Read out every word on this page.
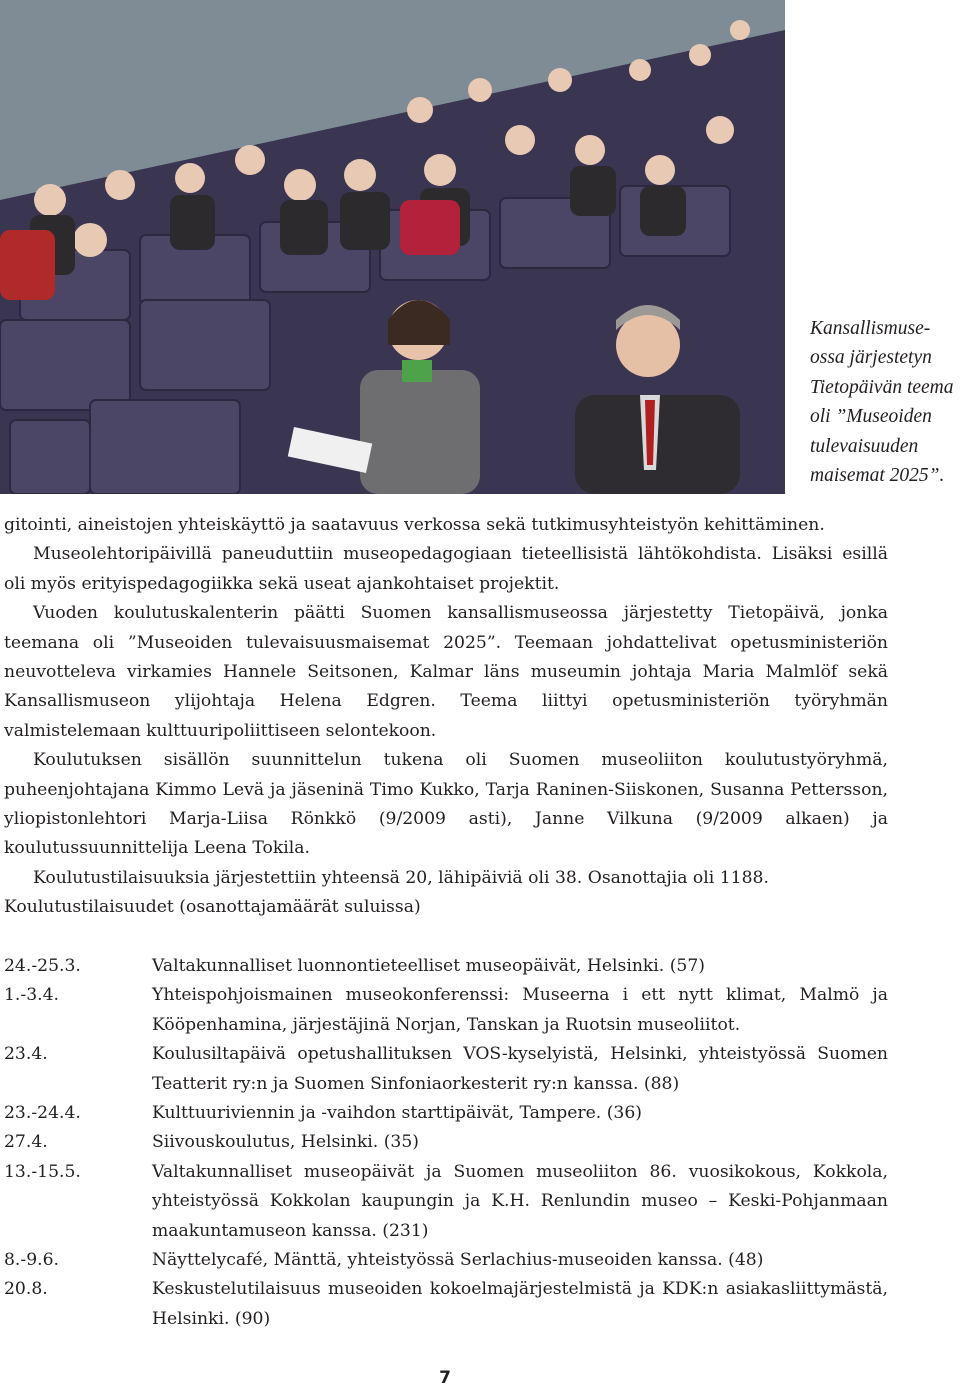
Kansallismuse-
ossa järjestetyn
Tietopäivän teema
oli ”Museoiden
tulevaisuuden
maisemat 2025”.

gitointi, aineistojen yhteiskäyttö ja saatavuus verkossa sekä tutkimusyhteistyön kehittäminen.

Museolehtoripäivillä paneuduttiin museopedagogiaan tieteellisistä lähtökohdista. Lisäksi esillä oli myös erityispedagogiikka sekä useat ajankohtaiset projektit.

Vuoden koulutuskalenterin päätti Suomen kansallismuseossa järjestetty Tietopäivä, jonka teemana oli ”Museoiden tulevaisuusmaisemat 2025”. Teemaan johdattelivat opetusministeriön neuvotteleva virkamies Hannele Seitsonen, Kalmar läns museumin johtaja Maria Malmlöf sekä Kansallismuseon ylijohtaja Helena Edgren. Teema liittyi opetusministeriön työryhmän valmistelemaan kulttuuripoliittiseen selontekoon.

Koulutuksen sisällön suunnittelun tukena oli Suomen museoliiton koulutustyöryhmä, puheenjohtajana Kimmo Levä ja jäseninä Timo Kukko, Tarja Raninen-Siiskonen, Susanna Pettersson, yliopistonlehtori Marja-Liisa Rönkkö (9/2009 asti), Janne Vilkuna (9/2009 alkaen) ja koulutussuunnittelija Leena Tokila.

Koulutustilaisuuksia järjestettiin yhteensä 20, lähipäiviä oli 38. Osanottajia oli 1188.

Koulutustilaisuudet (osanottajamäärät suluissa)

24.-25.3.	Valtakunnalliset luonnontieteelliset museopäivät, Helsinki. (57)
1.-3.4.	Yhteispohjoismainen museokonferenssi: Museerna i ett nytt klimat, Malmö ja Kööpenhamina, järjestäjinä Norjan, Tanskan ja Ruotsin museoliitot.
23.4.	Koulusiltapäivä opetushallituksen VOS-kyselyistä, Helsinki, yhteistyössä Suomen Teatterit ry:n ja Suomen Sinfoniaorkesterit ry:n kanssa. (88)
23.-24.4.	Kulttuuriviennin ja -vaihdon starttipäivät, Tampere. (36)
27.4.	Siivouskoulutus, Helsinki. (35)
13.-15.5.	Valtakunnalliset museopäivät ja Suomen museoliiton 86. vuosikokous, Kokkola, yhteistyössä Kokkolan kaupungin ja K.H. Renlundin museo – Keski-Pohjanmaan maakuntamuseon kanssa. (231)
8.-9.6.	Näyttelycafé, Mänttä, yhteistyössä Serlachius-museoiden kanssa. (48)
20.8.	Keskustelutilaisuus museoiden kokoelmajärjestelmistä ja KDK:n asiakasliittymästä, Helsinki. (90)
7
